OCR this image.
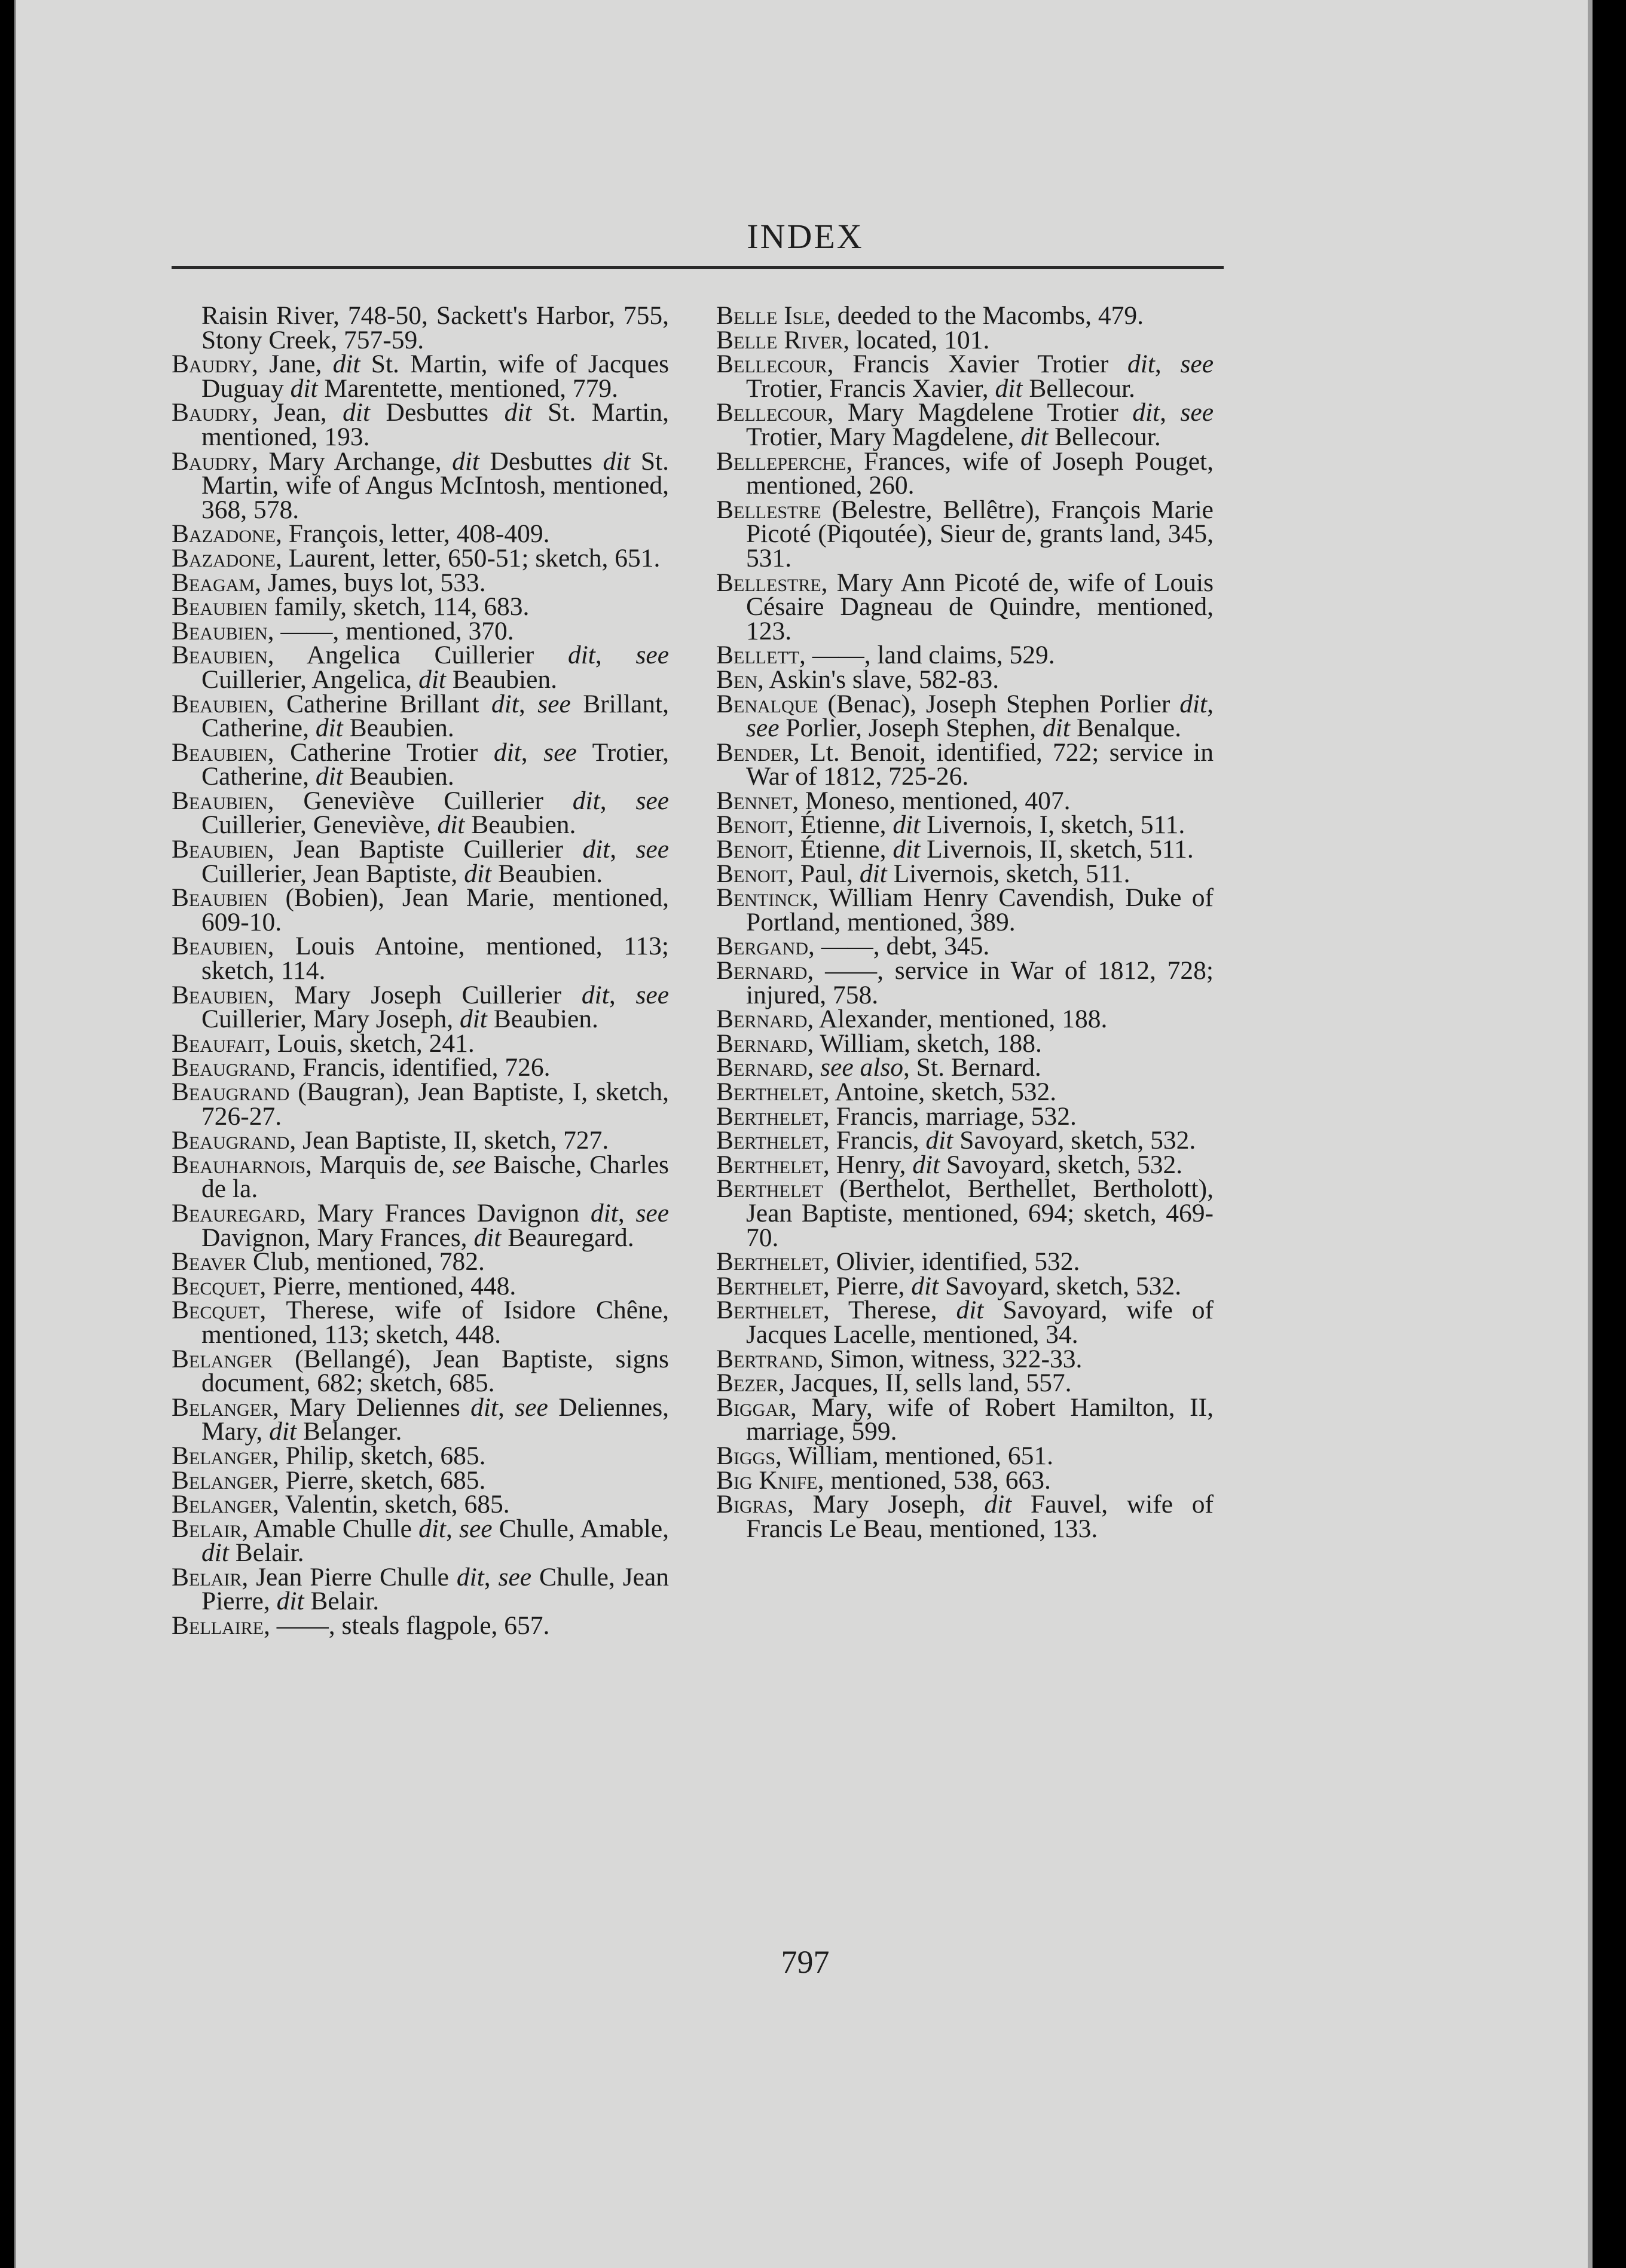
INDEX
Raisin River, 748-50, Sackett's Harbor, 755, Stony Creek, 757-59.
Baudry, Jane, dit St. Martin, wife of Jacques Duguay dit Marentette, mentioned, 779.
Baudry, Jean, dit Desbuttes dit St. Martin, mentioned, 193.
Baudry, Mary Archange, dit Desbuttes dit St. Martin, wife of Angus McIntosh, mentioned, 368, 578.
Bazadone, François, letter, 408-409.
Bazadone, Laurent, letter, 650-51; sketch, 651.
Beagam, James, buys lot, 533.
Beaubien family, sketch, 114, 683.
Beaubien, ——, mentioned, 370.
Beaubien, Angelica Cuillerier dit, see Cuillerier, Angelica, dit Beaubien.
Beaubien, Catherine Brillant dit, see Brillant, Catherine, dit Beaubien.
Beaubien, Catherine Trotier dit, see Trotier, Catherine, dit Beaubien.
Beaubien, Geneviève Cuillerier dit, see Cuillerier, Geneviève, dit Beaubien.
Beaubien, Jean Baptiste Cuillerier dit, see Cuillerier, Jean Baptiste, dit Beaubien.
Beaubien (Bobien), Jean Marie, mentioned, 609-10.
Beaubien, Louis Antoine, mentioned, 113; sketch, 114.
Beaubien, Mary Joseph Cuillerier dit, see Cuillerier, Mary Joseph, dit Beaubien.
Beaufait, Louis, sketch, 241.
Beaugrand, Francis, identified, 726.
Beaugrand (Baugran), Jean Baptiste, I, sketch, 726-27.
Beaugrand, Jean Baptiste, II, sketch, 727.
Beauharnois, Marquis de, see Baische, Charles de la.
Beauregard, Mary Frances Davignon dit, see Davignon, Mary Frances, dit Beauregard.
Beaver Club, mentioned, 782.
Becquet, Pierre, mentioned, 448.
Becquet, Therese, wife of Isidore Chêne, mentioned, 113; sketch, 448.
Belanger (Bellangé), Jean Baptiste, signs document, 682; sketch, 685.
Belanger, Mary Deliennes dit, see Deliennes, Mary, dit Belanger.
Belanger, Philip, sketch, 685.
Belanger, Pierre, sketch, 685.
Belanger, Valentin, sketch, 685.
Belair, Amable Chulle dit, see Chulle, Amable, dit Belair.
Belair, Jean Pierre Chulle dit, see Chulle, Jean Pierre, dit Belair.
Bellaire, ——, steals flagpole, 657.
Belle Isle, deeded to the Macombs, 479.
Belle River, located, 101.
Bellecour, Francis Xavier Trotier dit, see Trotier, Francis Xavier, dit Bellecour.
Bellecour, Mary Magdelene Trotier dit, see Trotier, Mary Magdelene, dit Bellecour.
Belleperche, Frances, wife of Joseph Pouget, mentioned, 260.
Bellestre (Belestre, Bellêtre), François Marie Picoté (Piqoutée), Sieur de, grants land, 345, 531.
Bellestre, Mary Ann Picoté de, wife of Louis Césaire Dagneau de Quindre, mentioned, 123.
Bellett, ——, land claims, 529.
Ben, Askin's slave, 582-83.
Benalque (Benac), Joseph Stephen Porlier dit, see Porlier, Joseph Stephen, dit Benalque.
Bender, Lt. Benoit, identified, 722; service in War of 1812, 725-26.
Bennet, Moneso, mentioned, 407.
Benoit, Étienne, dit Livernois, I, sketch, 511.
Benoit, Étienne, dit Livernois, II, sketch, 511.
Benoit, Paul, dit Livernois, sketch, 511.
Bentinck, William Henry Cavendish, Duke of Portland, mentioned, 389.
Bergand, ——, debt, 345.
Bernard, ——, service in War of 1812, 728; injured, 758.
Bernard, Alexander, mentioned, 188.
Bernard, William, sketch, 188.
Bernard, see also, St. Bernard.
Berthelet, Antoine, sketch, 532.
Berthelet, Francis, marriage, 532.
Berthelet, Francis, dit Savoyard, sketch, 532.
Berthelet, Henry, dit Savoyard, sketch, 532.
Berthelet (Berthelot, Berthellet, Bertholott), Jean Baptiste, mentioned, 694; sketch, 469-70.
Berthelet, Olivier, identified, 532.
Berthelet, Pierre, dit Savoyard, sketch, 532.
Berthelet, Therese, dit Savoyard, wife of Jacques Lacelle, mentioned, 34.
Bertrand, Simon, witness, 322-33.
Bezer, Jacques, II, sells land, 557.
Biggar, Mary, wife of Robert Hamilton, II, marriage, 599.
Biggs, William, mentioned, 651.
Big Knife, mentioned, 538, 663.
Bigras, Mary Joseph, dit Fauvel, wife of Francis Le Beau, mentioned, 133.
797
